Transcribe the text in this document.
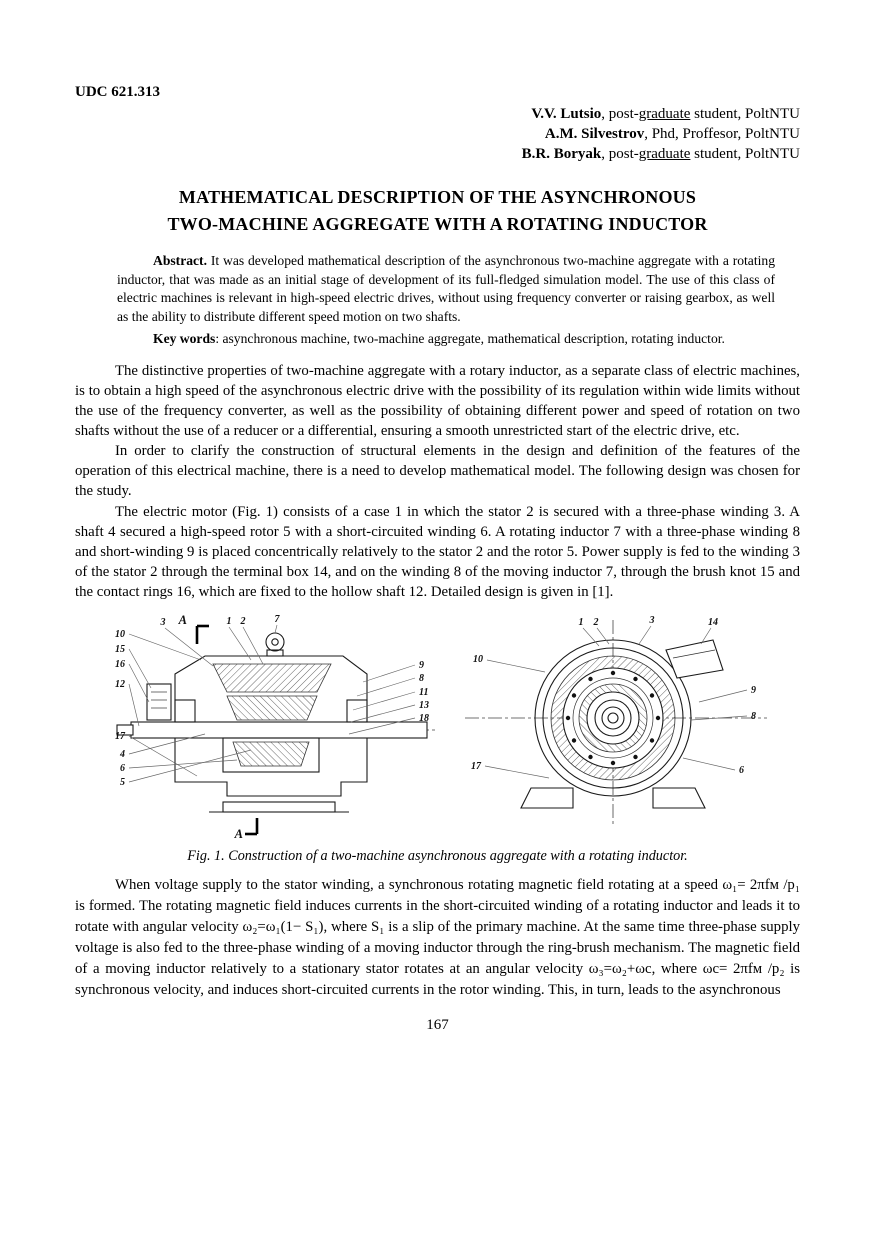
UDC 621.313
V.V. Lutsio, post-graduate student, PoltNTU
A.M. Silvestrov, Phd, Proffesor, PoltNTU
B.R. Boryak, post-graduate student, PoltNTU
MATHEMATICAL DESCRIPTION OF THE ASYNCHRONOUS
TWO-MACHINE AGGREGATE WITH A ROTATING INDUCTOR

Abstract. It was developed mathematical description of the asynchronous two-machine aggregate with a rotating inductor, that was made as an initial stage of development of its full-fledged simulation model. The use of this class of electric machines is relevant in high-speed electric drives, without using frequency converter or raising gearbox, as well as the ability to distribute different speed motion on two shafts.

Key words: asynchronous machine, two-machine aggregate, mathematical description, rotating inductor.

The distinctive properties of two-machine aggregate with a rotary inductor, as a separate class of electric machines, is to obtain a high speed of the asynchronous electric drive with the possibility of its regulation within wide limits without the use of the frequency converter, as well as the possibility of obtaining different power and speed of rotation on two shafts without the use of a reducer or a differential, ensuring a smooth unrestricted start of the electric drive, etc.

In order to clarify the construction of structural elements in the design and definition of the features of the operation of this electrical machine, there is a need to develop mathematical model. The following design was chosen for the study.

The electric motor (Fig. 1) consists of a case 1 in which the stator 2 is secured with a three-phase winding 3. A shaft 4 secured a high-speed rotor 5 with a short-circuited winding 6. A rotating inductor 7 with a three-phase winding 8 and short-winding 9 is placed concentrically relatively to the stator 2 and the rotor 5. Power supply is fed to the winding 3 of the stator 2 through the terminal box 14, and on the winding 8 of the moving inductor 7, through the brush knot 15 and the contact rings 16, which are fixed to the hollow shaft 12. Detailed design is given in [1].

3 A	1 2	7
10
15
16
12
17
4
6
5
9
8
11
13
18
A
1 2	3	14
10
17
9
8
6

Fig. 1. Construction of a two-machine asynchronous aggregate with a rotating inductor.

When voltage supply to the stator winding, a synchronous rotating magnetic field rotating at a speed ω₁= 2πfм /p₁ is formed. The rotating magnetic field induces currents in the short-circuited winding of a rotating inductor and leads it to rotate with angular velocity ω₂=ω₁(1− S₁), where S₁ is a slip of the primary machine. At the same time three-phase supply voltage is also fed to the three-phase winding of a moving inductor through the ring-brush mechanism. The magnetic field of a moving inductor relatively to a stationary stator rotates at an angular velocity ω₃=ω₂+ωс, where ωс= 2πfм /p₂ is synchronous velocity, and induces short-circuited currents in the rotor winding. This, in turn, leads to the asynchronous

167
